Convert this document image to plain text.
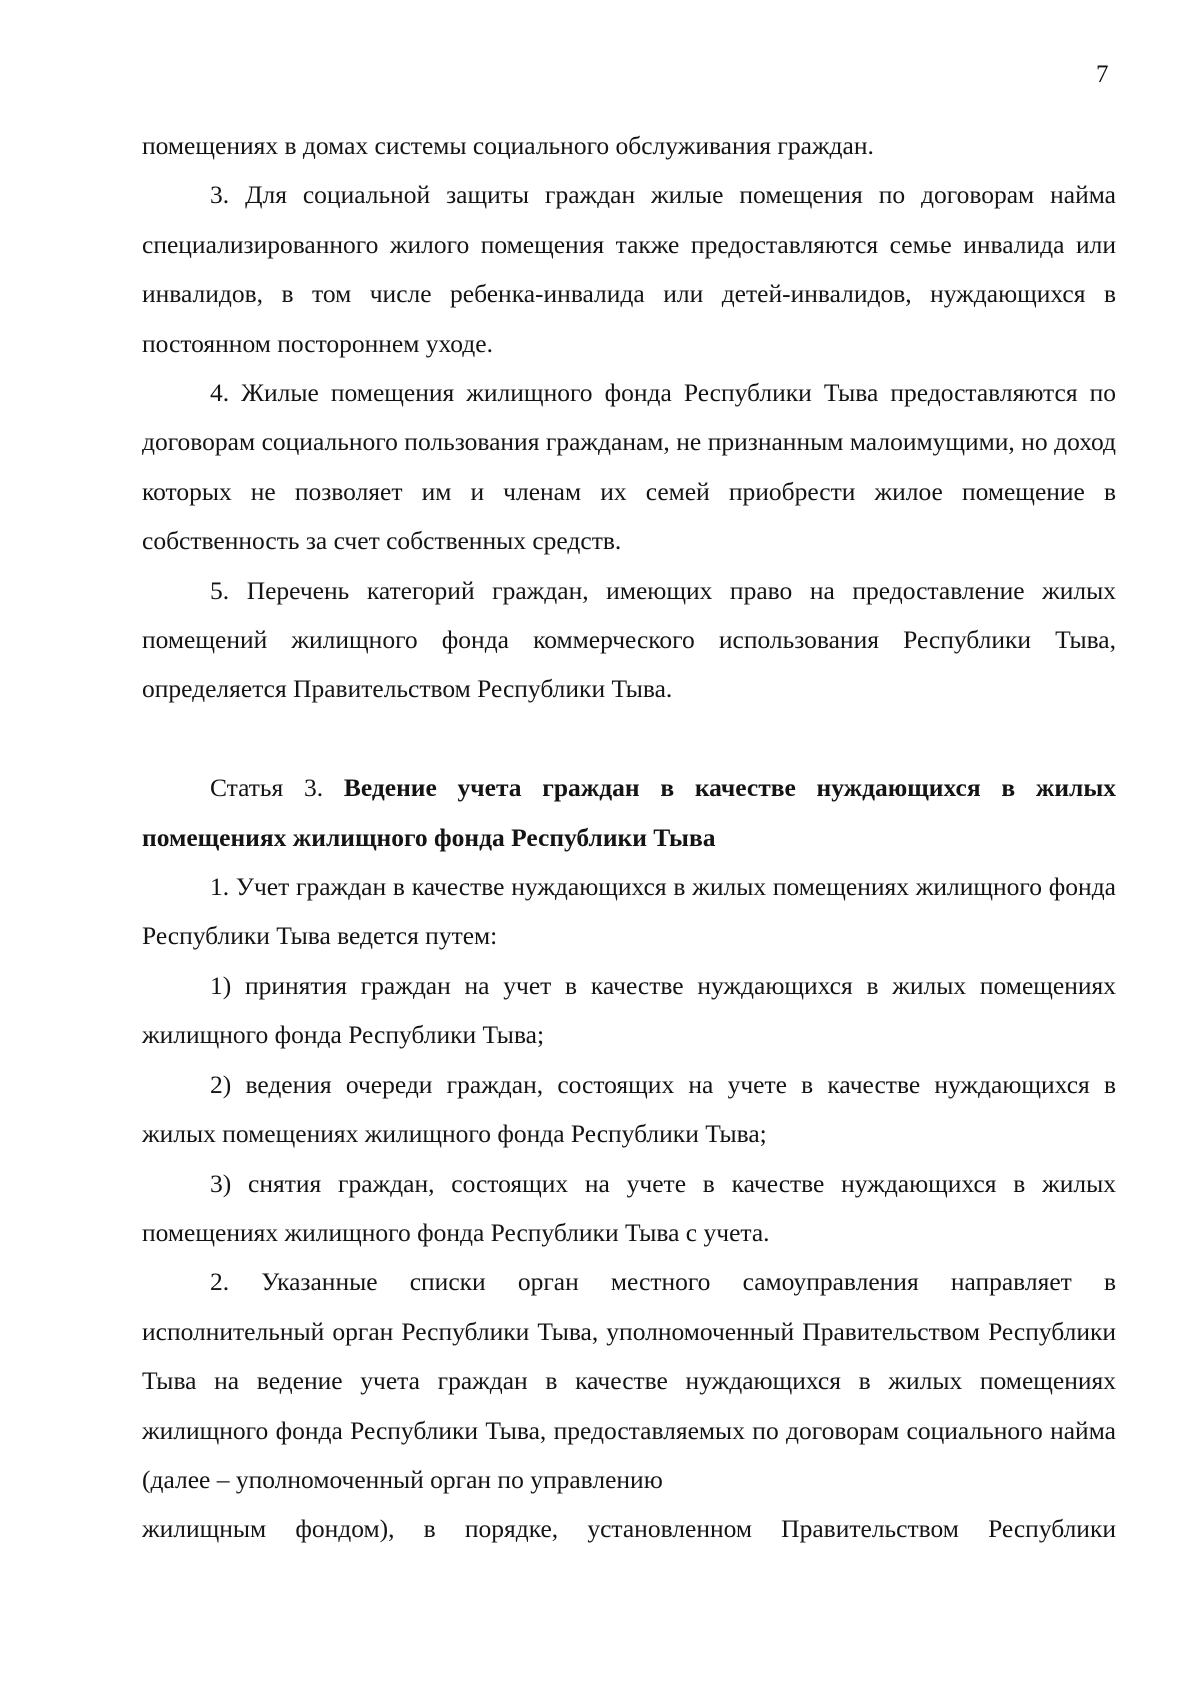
7

помещениях в домах системы социального обслуживания граждан.

3. Для социальной защиты граждан жилые помещения по договорам найма специализированного жилого помещения также предоставляются семье инвалида или инвалидов, в том числе ребенка-инвалида или детей-инвалидов, нуждающихся в постоянном постороннем уходе.

4. Жилые помещения жилищного фонда Республики Тыва предоставляются по договорам социального пользования гражданам, не признанным малоимущими, но доход которых не позволяет им и членам их семей приобрести жилое помещение в собственность за счет собственных средств.

5. Перечень категорий граждан, имеющих право на предоставление жилых помещений жилищного фонда коммерческого использования Республики Тыва, определяется Правительством Республики Тыва.

Статья 3. Ведение учета граждан в качестве нуждающихся в жилых помещениях жилищного фонда Республики Тыва

1. Учет граждан в качестве нуждающихся в жилых помещениях жилищного фонда Республики Тыва ведется путем:

1) принятия граждан на учет в качестве нуждающихся в жилых помещениях жилищного фонда Республики Тыва;

2) ведения очереди граждан, состоящих на учете в качестве нуждающихся в жилых помещениях жилищного фонда Республики Тыва;

3) снятия граждан, состоящих на учете в качестве нуждающихся в жилых помещениях жилищного фонда Республики Тыва с учета.

2. Указанные списки орган местного самоуправления направляет в исполнительный орган Республики Тыва, уполномоченный Правительством Республики Тыва на ведение учета граждан в качестве нуждающихся в жилых помещениях жилищного фонда Республики Тыва, предоставляемых по договорам социального найма (далее – уполномоченный орган по управлению

жилищным фондом), в порядке, установленном Правительством Республики
